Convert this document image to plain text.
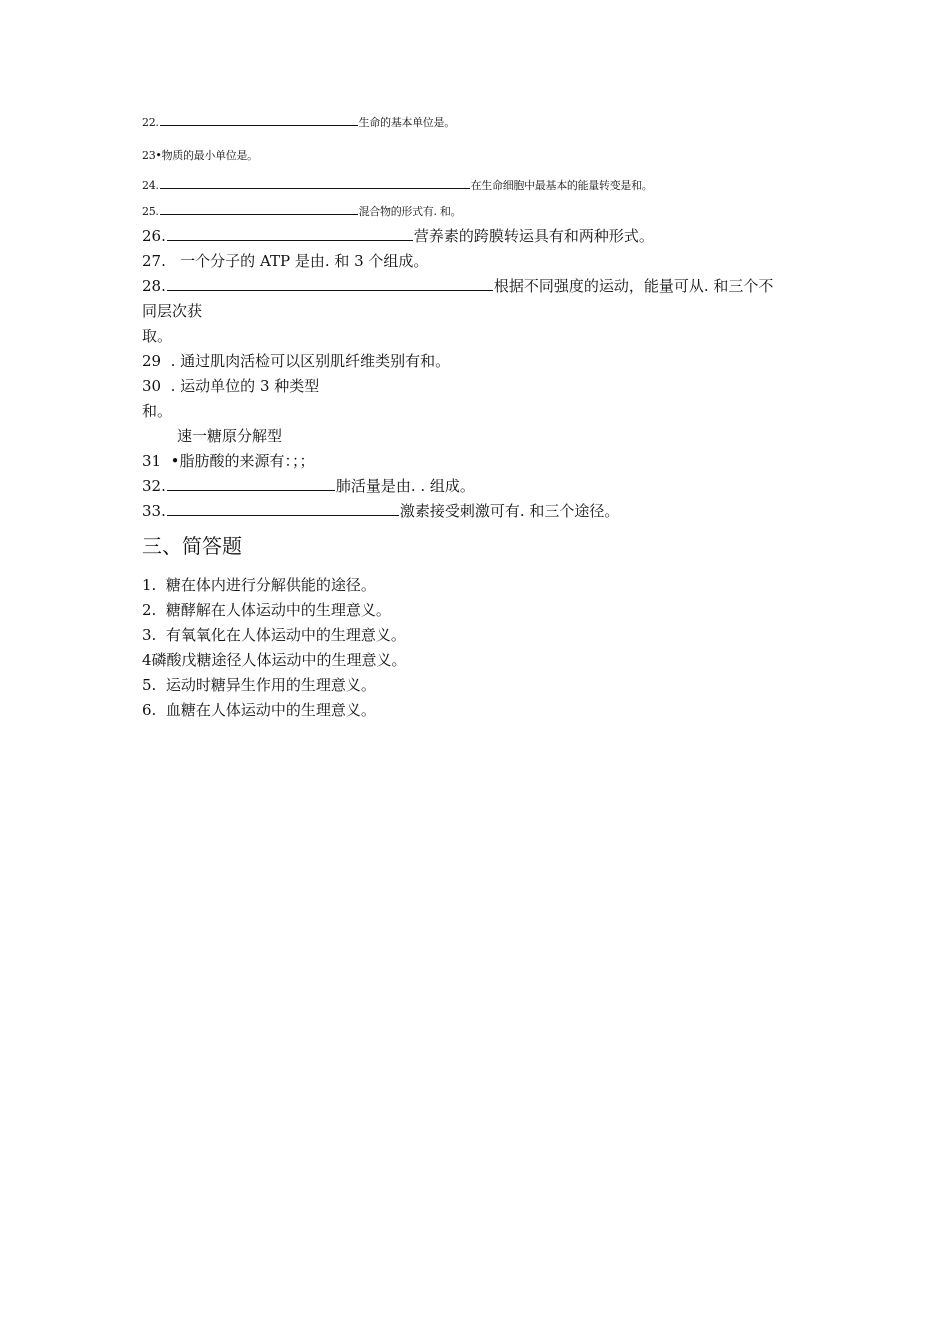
22.	生命的基本单位是。
23•物质的最小单位是。
24.	在生命细胞中最基本的能量转变是和。
25.	混合物的形式有. 和。
26.	营养素的跨膜转运具有和两种形式。
27. 一个分子的 ATP 是由. 和 3 个组成。
28.	根据不同强度的运动，能量可从. 和三个不
同层次获
取。
29 . 通过肌肉活检可以区别肌纤维类别有和。
30 . 运动单位的 3 种类型
和。
速一糖原分解型
31 •脂肪酸的来源有：；；
32.	肺活量是由. . 组成。
33.	激素接受刺激可有. 和三个途径。
三、简答题
1. 糖在体内进行分解供能的途径。
2. 糖酵解在人体运动中的生理意义。
3. 有氧氧化在人体运动中的生理意义。
4磷酸戊糖途径人体运动中的生理意义。
5. 运动时糖异生作用的生理意义。
6. 血糖在人体运动中的生理意义。
